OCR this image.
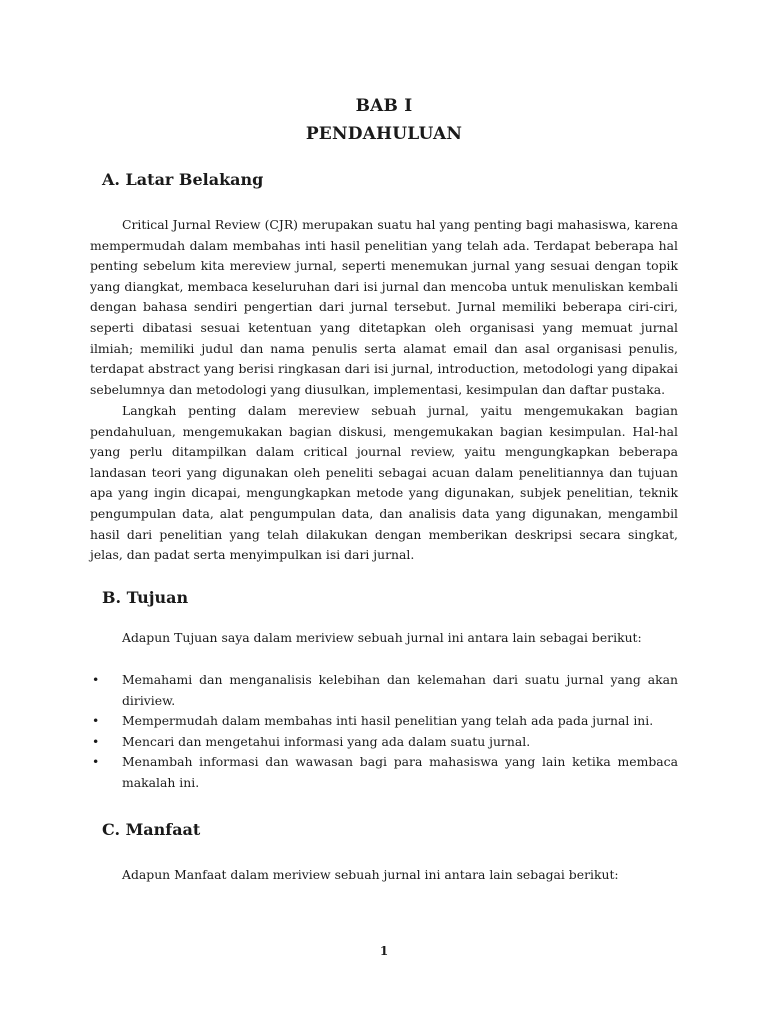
BAB I
PENDAHULUAN
A. Latar Belakang

Critical Jurnal Review (CJR) merupakan suatu hal yang penting bagi mahasiswa, karena mempermudah dalam membahas inti hasil penelitian yang telah ada. Terdapat beberapa hal penting sebelum kita mereview jurnal, seperti menemukan jurnal yang sesuai dengan topik yang diangkat, membaca keseluruhan dari isi jurnal dan mencoba untuk menuliskan kembali dengan bahasa sendiri pengertian dari jurnal tersebut. Jurnal memiliki beberapa ciri-ciri, seperti dibatasi sesuai ketentuan yang ditetapkan oleh organisasi yang memuat jurnal ilmiah; memiliki judul dan nama penulis serta alamat email dan asal organisasi penulis, terdapat abstract yang berisi ringkasan dari isi jurnal, introduction, metodologi yang dipakai sebelumnya dan metodologi yang diusulkan, implementasi, kesimpulan dan daftar pustaka.

Langkah penting dalam mereview sebuah jurnal, yaitu mengemukakan bagian pendahuluan, mengemukakan bagian diskusi, mengemukakan bagian kesimpulan. Hal-hal yang perlu ditampilkan dalam critical journal review, yaitu mengungkapkan beberapa landasan teori yang digunakan oleh peneliti sebagai acuan dalam penelitiannya dan tujuan apa yang ingin dicapai, mengungkapkan metode yang digunakan, subjek penelitian, teknik pengumpulan data, alat pengumpulan data, dan analisis data yang digunakan, mengambil hasil dari penelitian yang telah dilakukan dengan memberikan deskripsi secara singkat, jelas, dan padat serta menyimpulkan isi dari jurnal.

B. Tujuan

Adapun Tujuan saya dalam meriview sebuah jurnal ini antara lain sebagai berikut:

• Memahami dan menganalisis kelebihan dan kelemahan dari suatu jurnal yang akan diriview.
• Mempermudah dalam membahas inti hasil penelitian yang telah ada pada jurnal ini.
• Mencari dan mengetahui informasi yang ada dalam suatu jurnal.
• Menambah informasi dan wawasan bagi para mahasiswa yang lain ketika membaca makalah ini.
C. Manfaat

Adapun Manfaat dalam meriview sebuah jurnal ini antara lain sebagai berikut:

1
